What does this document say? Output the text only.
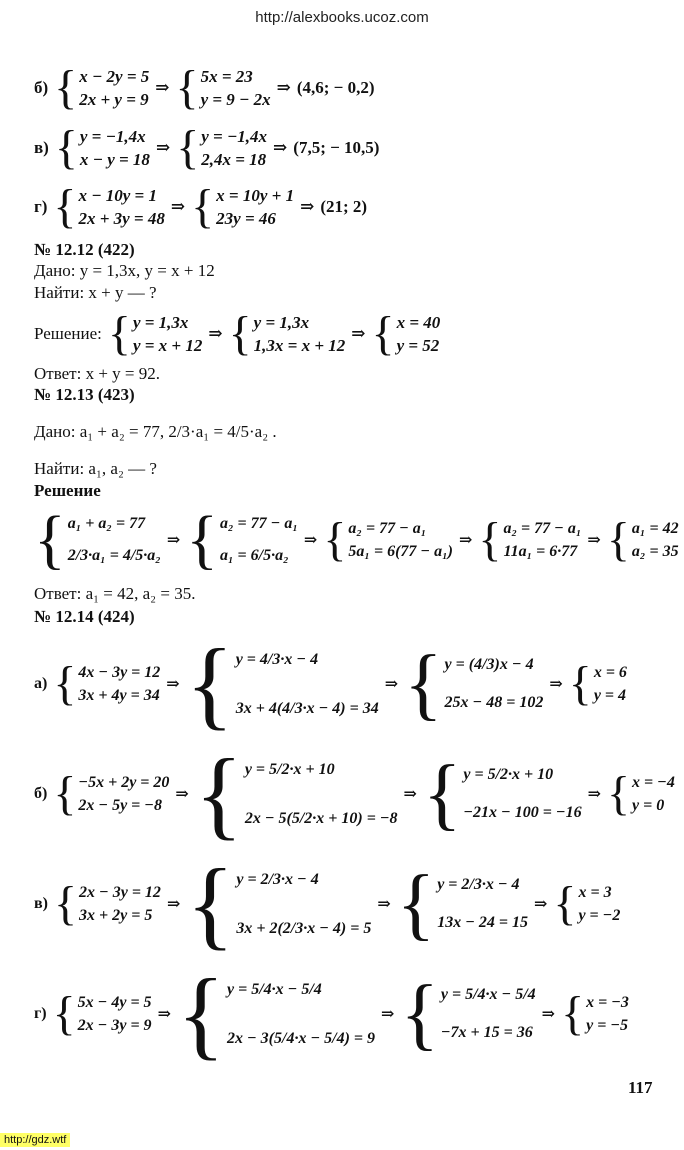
http://alexbooks.ucoz.com
б) { x − 2y = 5
2x + y = 9
⇒ { 5x = 23
y = 9 − 2x
⇒ (4,6; − 0,2)
в) { y = −1,4x
x − y = 18
⇒ { y = −1,4x
2,4x = 18
⇒ (7,5; − 10,5)
г) { x − 10y = 1
2x + 3y = 48
⇒ { x = 10y + 1
23y = 46
⇒ (21; 2)
№ 12.12 (422)
Дано: y = 1,3x, y = x + 12
Найти: x + y — ?
Решение: { y = 1,3x
y = x + 12
⇒ { y = 1,3x
1,3x = x + 12
⇒ { x = 40
y = 52
Ответ: x + y = 92.
№ 12.13 (423)
Дано: a₁ + a₂ = 77, 2/3·a₁ = 4/5·a₂ .
Найти: a₁, a₂ — ?
Решение
{ a₁ + a₂ = 77
2/3·a₁ = 4/5·a₂
⇒ { a₂ = 77 − a₁
a₁ = 6/5·a₂
⇒ { a₂ = 77 − a₁
5a₁ = 6(77 − a₁)
⇒ { a₂ = 77 − a₁
11a₁ = 6·77
⇒ { a₁ = 42
a₂ = 35
Ответ: a₁ = 42, a₂ = 35.
№ 12.14 (424)
а) { 4x − 3y = 12
3x + 4y = 34
⇒ { y = 4/3·x − 4
3x + 4(4/3·x − 4) = 34
⇒ { y = (4/3)x − 4
25x − 48 = 102
⇒ { x = 6
y = 4
б) { −5x + 2y = 20
2x − 5y = −8
⇒ { y = 5/2·x + 10
2x − 5(5/2·x + 10) = −8
⇒ { y = 5/2·x + 10
−21x − 100 = −16
⇒ { x = −4
y = 0
в) { 2x − 3y = 12
3x + 2y = 5
⇒ { y = 2/3·x − 4
3x + 2(2/3·x − 4) = 5
⇒ { y = 2/3·x − 4
13x − 24 = 15
⇒ { x = 3
y = −2
г) { 5x − 4y = 5
2x − 3y = 9
⇒ { y = 5/4·x − 5/4
2x − 3(5/4·x − 5/4) = 9
⇒ { y = 5/4·x − 5/4
−7x + 15 = 36
⇒ { x = −3
y = −5
117
http://gdz.wtf
